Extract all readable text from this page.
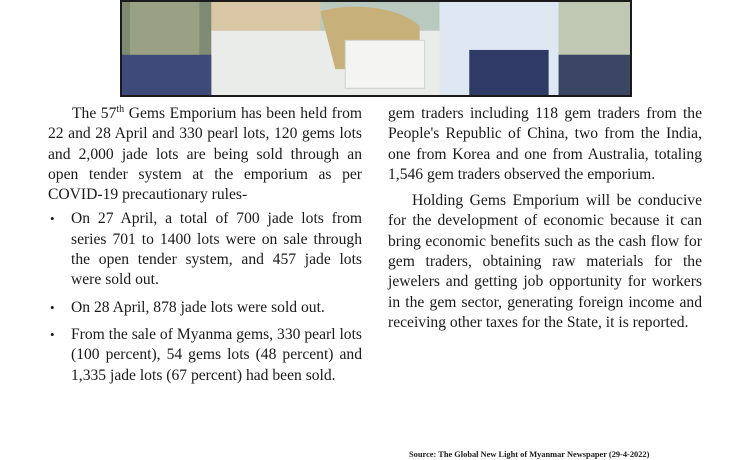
The 57th Gems Emporium has been held from 22 and 28 April and 330 pearl lots, 120 gems lots and 2,000 jade lots are being sold through an open tender system at the emporium as per COVID-19 precautionary rules-

• On 27 April, a total of 700 jade lots from series 701 to 1400 lots were on sale through the open tender system, and 457 jade lots were sold out.
• On 28 April, 878 jade lots were sold out.
• From the sale of Myanma gems, 330 pearl lots (100 percent), 54 gems lots (48 percent) and 1,335 jade lots (67 percent) had been sold.

gem traders including 118 gem traders from the People's Republic of China, two from the India, one from Korea and one from Australia, totaling 1,546 gem traders observed the emporium.

Holding Gems Emporium will be conducive for the development of economic because it can bring economic benefits such as the cash flow for gem traders, obtaining raw materials for the jewelers and getting job opportunity for workers in the gem sector, generating foreign income and receiving other taxes for the State, it is reported.

Source: The Global New Light of Myanmar Newspaper (29-4-2022)
